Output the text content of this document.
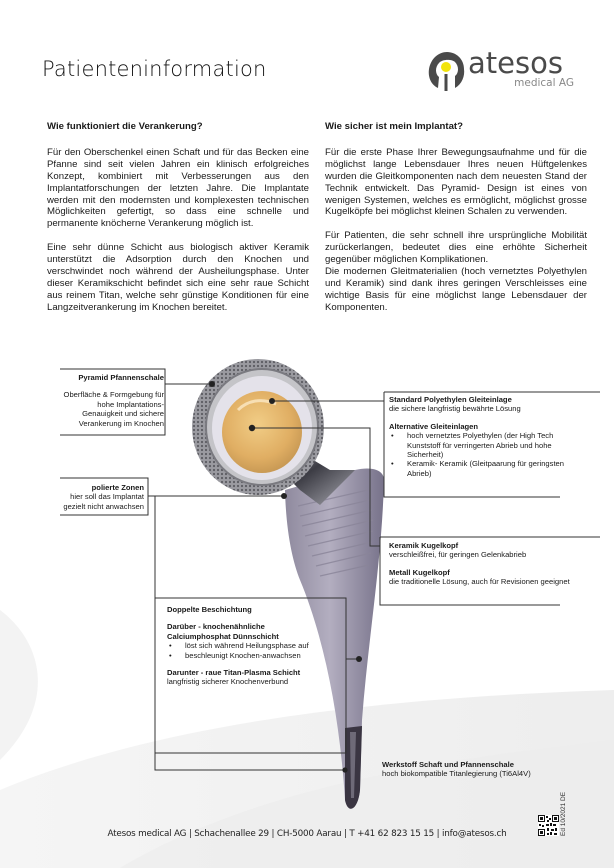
Patienteninformation	atesos
medical AG
Wie funktioniert die Verankerung?

Für den Oberschenkel einen Schaft und für das Becken eine Pfanne sind seit vielen Jahren ein klinisch erfolgreiches Konzept, kombiniert mit Verbesserungen aus den Implantatforschungen der letzten Jahre. Die Implantate werden mit den modernsten und komplexesten technischen Möglichkeiten gefertigt, so dass eine schnelle und permanente knöcherne Verankerung möglich ist.

Eine sehr dünne Schicht aus biologisch aktiver Keramik unterstützt die Adsorption durch den Knochen und verschwindet noch während der Ausheilungsphase. Unter dieser Keramikschicht befindet sich eine sehr raue Schicht aus reinem Titan, welche sehr günstige Konditionen für eine Langzeitverankerung im Knochen bereitet.

Wie sicher ist mein Implantat?

Für die erste Phase Ihrer Bewegungsaufnahme und für die möglichst lange Lebensdauer Ihres neuen Hüftgelenkes wurden die Gleitkomponenten nach dem neuesten Stand der Technik entwickelt. Das Pyramid- Design ist eines von wenigen Systemen, welches es ermöglicht, möglichst grosse Kugelköpfe bei möglichst kleinen Schalen zu verwenden.

Für Patienten, die sehr schnell ihre ursprüngliche Mobilität zurückerlangen, bedeutet dies eine erhöhte Sicherheit gegenüber möglichen Komplikationen.

Die modernen Gleitmaterialien (hoch vernetztes Polyethylen und Keramik) sind dank ihres geringen Verschleisses eine wichtige Basis für eine möglichst lange Lebensdauer der Komponenten.

Pyramid Pfannenschale
Oberfläche & Formgebung für hohe Implantations-Genauigkeit und sichere Verankerung im Knochen
polierte Zonen
hier soll das Implantat gezielt nicht anwachsen
Standard Polyethylen Gleiteinlage
die sichere langfristig bewährte Lösung
Alternative Gleiteinlagen
• hoch vernetztes Polyethylen (der High Tech Kunststoff für verringerten Abrieb und hohe Sicherheit)
• Keramik- Keramik (Gleitpaarung für geringsten Abrieb)
Keramik Kugelkopf
verschleißfrei, für geringen Gelenkabrieb
Metall Kugelkopf
die traditionelle Lösung, auch für Revisionen geeignet
Doppelte Beschichtung
Darüber - knochenähnliche Calciumphosphat Dünnschicht
• löst sich während Heilungsphase auf
• beschleunigt Knochen-anwachsen
Darunter - raue Titan-Plasma Schicht
langfristig sicherer Knochenverbund
Werkstoff Schaft und Pfannenschale
hoch biokompatible Titanlegierung (Ti6Al4V)
Atesos medical AG | Schachenallee 29 | CH-5000 Aarau | T +41 62 823 15 15 | info@atesos.ch	Ed 10/2021 DE
